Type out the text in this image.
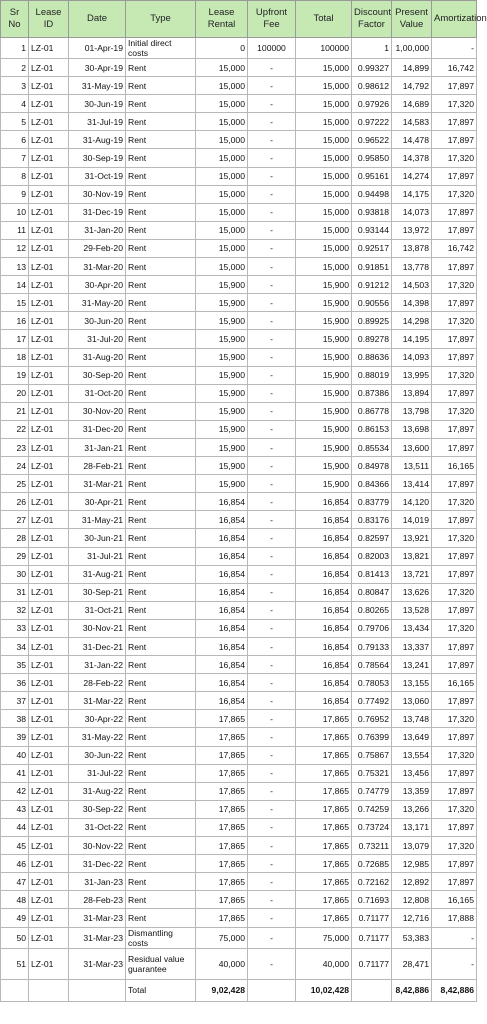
Sr No	Lease ID	Date	Type	Lease Rental	Upfront Fee	Total	Discount Factor	Present Value	Amortization
1	LZ-01	01-Apr-19	Initial direct costs	0	100000	100000	1	1,00,000	-
2	LZ-01	30-Apr-19	Rent	15,000	-	15,000	0.99327	14,899	16,742
3	LZ-01	31-May-19	Rent	15,000	-	15,000	0.98612	14,792	17,897
4	LZ-01	30-Jun-19	Rent	15,000	-	15,000	0.97926	14,689	17,320
5	LZ-01	31-Jul-19	Rent	15,000	-	15,000	0.97222	14,583	17,897
6	LZ-01	31-Aug-19	Rent	15,000	-	15,000	0.96522	14,478	17,897
7	LZ-01	30-Sep-19	Rent	15,000	-	15,000	0.95850	14,378	17,320
8	LZ-01	31-Oct-19	Rent	15,000	-	15,000	0.95161	14,274	17,897
9	LZ-01	30-Nov-19	Rent	15,000	-	15,000	0.94498	14,175	17,320
10	LZ-01	31-Dec-19	Rent	15,000	-	15,000	0.93818	14,073	17,897
11	LZ-01	31-Jan-20	Rent	15,000	-	15,000	0.93144	13,972	17,897
12	LZ-01	29-Feb-20	Rent	15,000	-	15,000	0.92517	13,878	16,742
13	LZ-01	31-Mar-20	Rent	15,000	-	15,000	0.91851	13,778	17,897
14	LZ-01	30-Apr-20	Rent	15,900	-	15,900	0.91212	14,503	17,320
15	LZ-01	31-May-20	Rent	15,900	-	15,900	0.90556	14,398	17,897
16	LZ-01	30-Jun-20	Rent	15,900	-	15,900	0.89925	14,298	17,320
17	LZ-01	31-Jul-20	Rent	15,900	-	15,900	0.89278	14,195	17,897
18	LZ-01	31-Aug-20	Rent	15,900	-	15,900	0.88636	14,093	17,897
19	LZ-01	30-Sep-20	Rent	15,900	-	15,900	0.88019	13,995	17,320
20	LZ-01	31-Oct-20	Rent	15,900	-	15,900	0.87386	13,894	17,897
21	LZ-01	30-Nov-20	Rent	15,900	-	15,900	0.86778	13,798	17,320
22	LZ-01	31-Dec-20	Rent	15,900	-	15,900	0.86153	13,698	17,897
23	LZ-01	31-Jan-21	Rent	15,900	-	15,900	0.85534	13,600	17,897
24	LZ-01	28-Feb-21	Rent	15,900	-	15,900	0.84978	13,511	16,165
25	LZ-01	31-Mar-21	Rent	15,900	-	15,900	0.84366	13,414	17,897
26	LZ-01	30-Apr-21	Rent	16,854	-	16,854	0.83779	14,120	17,320
27	LZ-01	31-May-21	Rent	16,854	-	16,854	0.83176	14,019	17,897
28	LZ-01	30-Jun-21	Rent	16,854	-	16,854	0.82597	13,921	17,320
29	LZ-01	31-Jul-21	Rent	16,854	-	16,854	0.82003	13,821	17,897
30	LZ-01	31-Aug-21	Rent	16,854	-	16,854	0.81413	13,721	17,897
31	LZ-01	30-Sep-21	Rent	16,854	-	16,854	0.80847	13,626	17,320
32	LZ-01	31-Oct-21	Rent	16,854	-	16,854	0.80265	13,528	17,897
33	LZ-01	30-Nov-21	Rent	16,854	-	16,854	0.79706	13,434	17,320
34	LZ-01	31-Dec-21	Rent	16,854	-	16,854	0.79133	13,337	17,897
35	LZ-01	31-Jan-22	Rent	16,854	-	16,854	0.78564	13,241	17,897
36	LZ-01	28-Feb-22	Rent	16,854	-	16,854	0.78053	13,155	16,165
37	LZ-01	31-Mar-22	Rent	16,854	-	16,854	0.77492	13,060	17,897
38	LZ-01	30-Apr-22	Rent	17,865	-	17,865	0.76952	13,748	17,320
39	LZ-01	31-May-22	Rent	17,865	-	17,865	0.76399	13,649	17,897
40	LZ-01	30-Jun-22	Rent	17,865	-	17,865	0.75867	13,554	17,320
41	LZ-01	31-Jul-22	Rent	17,865	-	17,865	0.75321	13,456	17,897
42	LZ-01	31-Aug-22	Rent	17,865	-	17,865	0.74779	13,359	17,897
43	LZ-01	30-Sep-22	Rent	17,865	-	17,865	0.74259	13,266	17,320
44	LZ-01	31-Oct-22	Rent	17,865	-	17,865	0.73724	13,171	17,897
45	LZ-01	30-Nov-22	Rent	17,865	-	17,865	0.73211	13,079	17,320
46	LZ-01	31-Dec-22	Rent	17,865	-	17,865	0.72685	12,985	17,897
47	LZ-01	31-Jan-23	Rent	17,865	-	17,865	0.72162	12,892	17,897
48	LZ-01	28-Feb-23	Rent	17,865	-	17,865	0.71693	12,808	16,165
49	LZ-01	31-Mar-23	Rent	17,865	-	17,865	0.71177	12,716	17,888
50	LZ-01	31-Mar-23	Dismantling costs	75,000	-	75,000	0.71177	53,383	-
51	LZ-01	31-Mar-23	Residual value guarantee	40,000	-	40,000	0.71177	28,471	-
			Total	9,02,428		10,02,428		8,42,886	8,42,886
